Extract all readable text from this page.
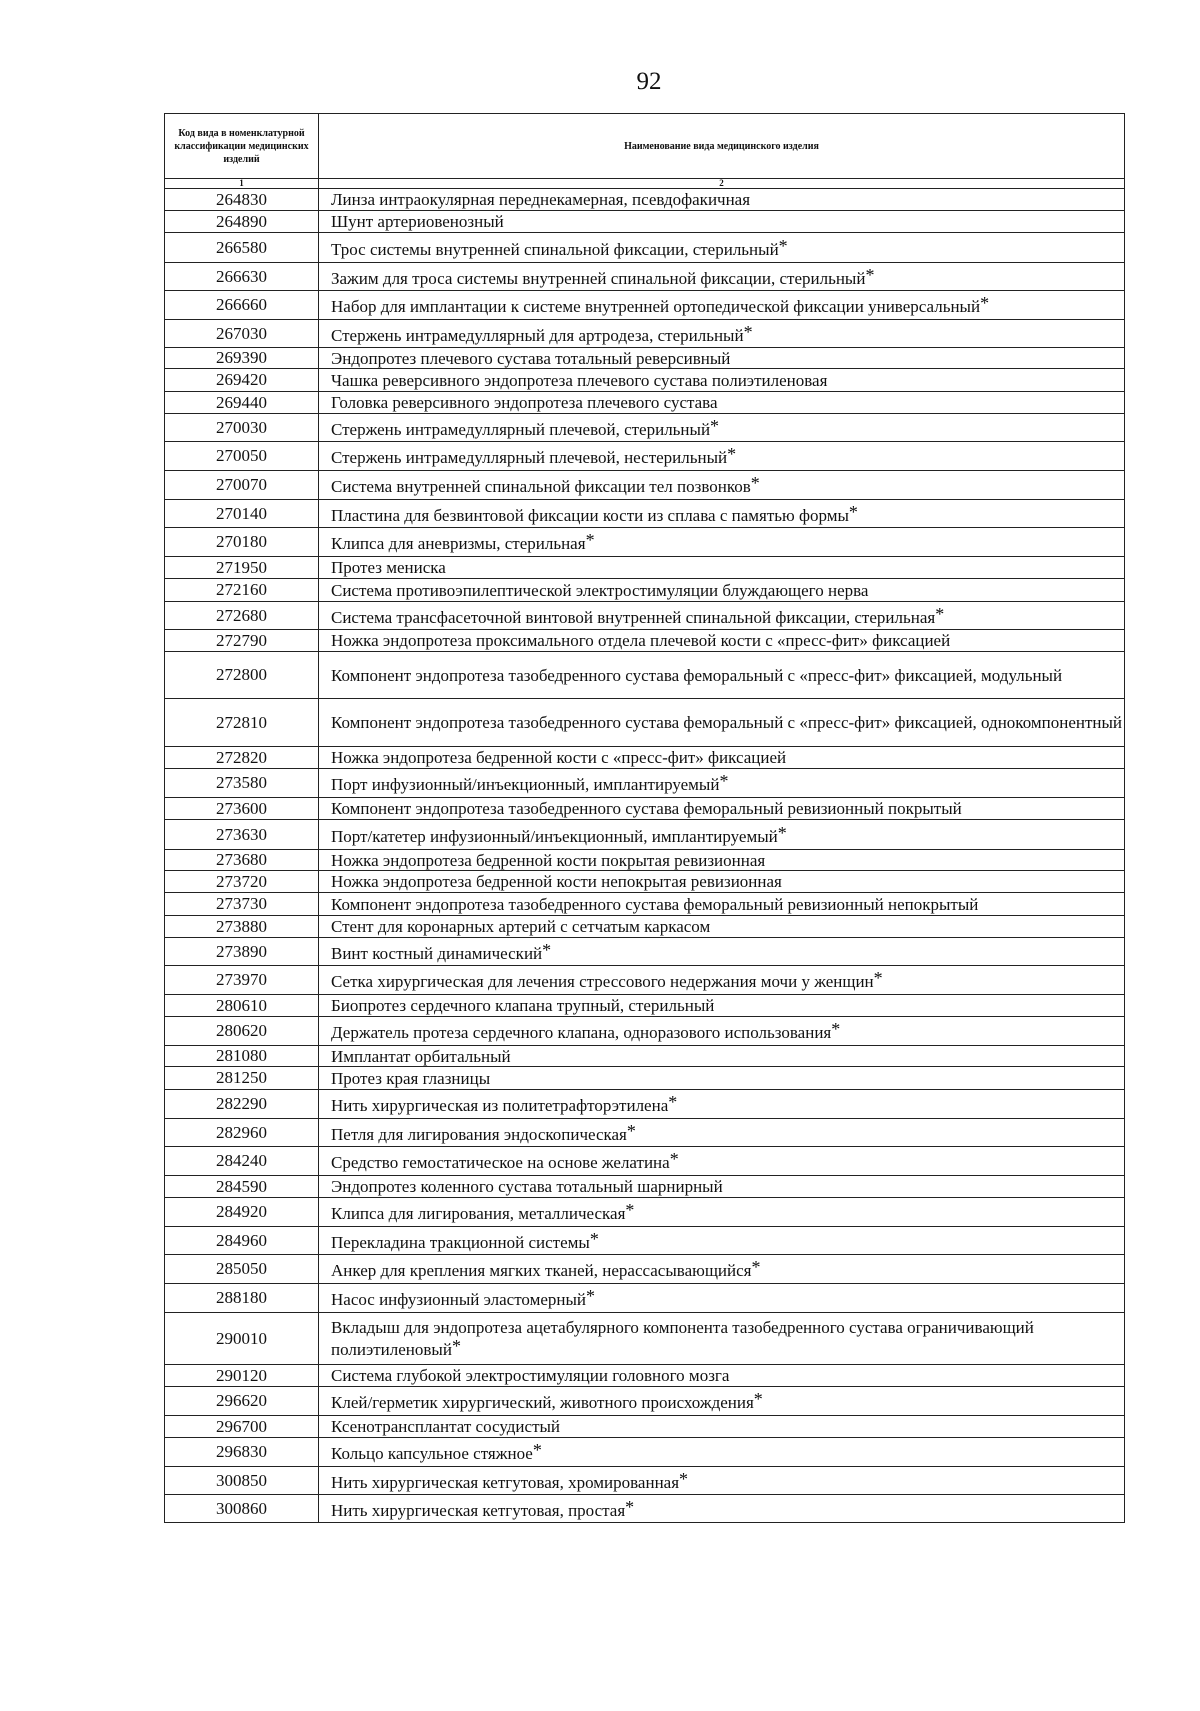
92
Код вида в номенклатурной классификации медицинских изделий	Наименование вида медицинского изделия
1	2
264830	Линза интраокулярная переднекамерная, псевдофакичная
264890	Шунт артериовенозный
266580	Трос системы внутренней спинальной фиксации, стерильный*
266630	Зажим для троса системы внутренней спинальной фиксации, стерильный*
266660	Набор для имплантации к системе внутренней ортопедической фиксации универсальный*
267030	Стержень интрамедуллярный для артродеза, стерильный*
269390	Эндопротез плечевого сустава тотальный реверсивный
269420	Чашка реверсивного эндопротеза плечевого сустава полиэтиленовая
269440	Головка реверсивного эндопротеза плечевого сустава
270030	Стержень интрамедуллярный плечевой, стерильный*
270050	Стержень интрамедуллярный плечевой, нестерильный*
270070	Система внутренней спинальной фиксации тел позвонков*
270140	Пластина для безвинтовой фиксации кости из сплава с памятью формы*
270180	Клипса для аневризмы, стерильная*
271950	Протез мениска
272160	Система противоэпилептической электростимуляции блуждающего нерва
272680	Система трансфасеточной винтовой внутренней спинальной фиксации, стерильная*
272790	Ножка эндопротеза проксимального отдела плечевой кости с «пресс-фит» фиксацией
272800	Компонент эндопротеза тазобедренного сустава феморальный с «пресс-фит» фиксацией, модульный
272810	Компонент эндопротеза тазобедренного сустава феморальный с «пресс-фит» фиксацией, однокомпонентный
272820	Ножка эндопротеза бедренной кости с «пресс-фит» фиксацией
273580	Порт инфузионный/инъекционный, имплантируемый*
273600	Компонент эндопротеза тазобедренного сустава феморальный ревизионный покрытый
273630	Порт/катетер инфузионный/инъекционный, имплантируемый*
273680	Ножка эндопротеза бедренной кости покрытая ревизионная
273720	Ножка эндопротеза бедренной кости непокрытая ревизионная
273730	Компонент эндопротеза тазобедренного сустава феморальный ревизионный непокрытый
273880	Стент для коронарных артерий с сетчатым каркасом
273890	Винт костный динамический*
273970	Сетка хирургическая для лечения стрессового недержания мочи у женщин*
280610	Биопротез сердечного клапана трупный, стерильный
280620	Держатель протеза сердечного клапана, одноразового использования*
281080	Имплантат орбитальный
281250	Протез края глазницы
282290	Нить хирургическая из политетрафторэтилена*
282960	Петля для лигирования эндоскопическая*
284240	Средство гемостатическое на основе желатина*
284590	Эндопротез коленного сустава тотальный шарнирный
284920	Клипса для лигирования, металлическая*
284960	Перекладина тракционной системы*
285050	Анкер для крепления мягких тканей, нерассасывающийся*
288180	Насос инфузионный эластомерный*
290010	Вкладыш для эндопротеза ацетабулярного компонента тазобедренного сустава ограничивающий полиэтиленовый*
290120	Система глубокой электростимуляции головного мозга
296620	Клей/герметик хирургический, животного происхождения*
296700	Ксенотрансплантат сосудистый
296830	Кольцо капсульное стяжное*
300850	Нить хирургическая кетгутовая, хромированная*
300860	Нить хирургическая кетгутовая, простая*
